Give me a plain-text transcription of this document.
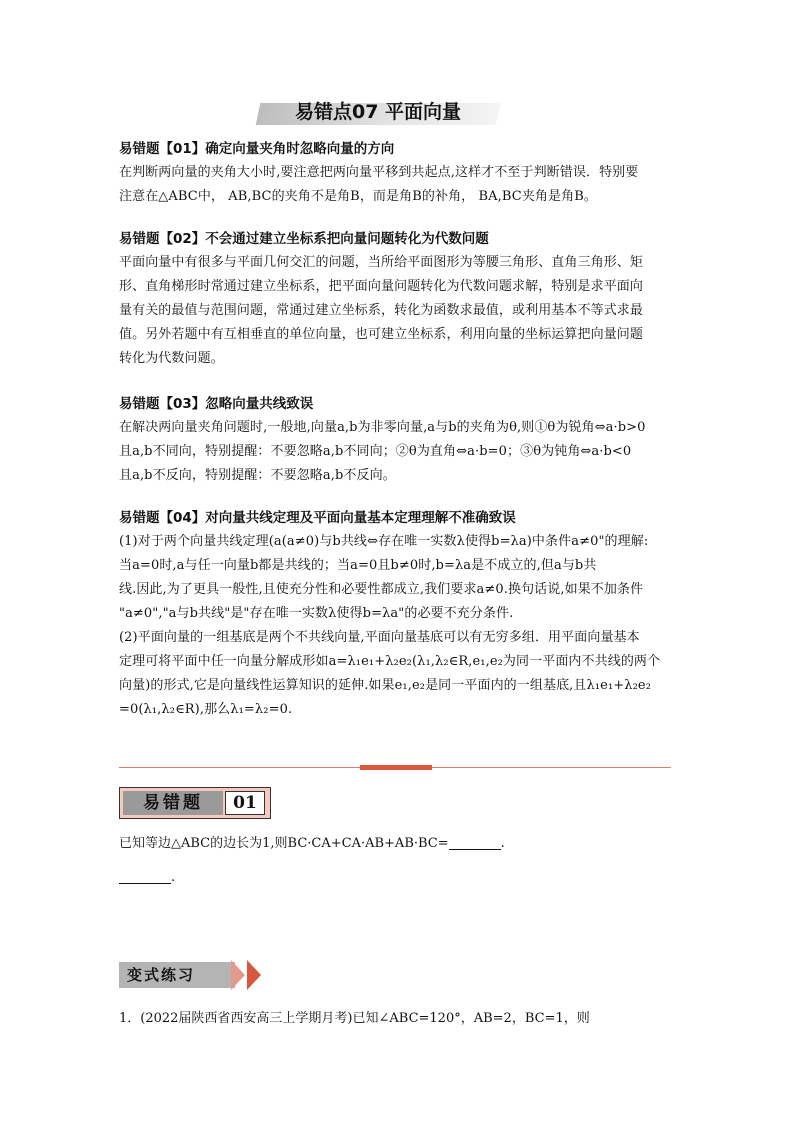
易错点07 平面向量
易错题【01】确定向量夹角时忽略向量的方向
在判断两向量的夹角大小时,要注意把两向量平移到共起点,这样才不至于判断错误．特别要
注意在△ABC中， AB,BC的夹角不是角B，而是角B的补角， BA,BC夹角是角B。
易错题【02】不会通过建立坐标系把向量问题转化为代数问题
平面向量中有很多与平面几何交汇的问题，当所给平面图形为等腰三角形、直角三角形、矩
形、直角梯形时常通过建立坐标系，把平面向量问题转化为代数问题求解，特别是求平面向
量有关的最值与范围问题，常通过建立坐标系，转化为函数求最值，或利用基本不等式求最
值。另外若题中有互相垂直的单位向量，也可建立坐标系，利用向量的坐标运算把向量问题
转化为代数问题。
易错题【03】忽略向量共线致误
在解决两向量夹角问题时,一般地,向量a,b为非零向量,a与b的夹角为θ,则①θ为锐角⇔a·b>0
且a,b不同向，特别提醒：不要忽略a,b不同向；②θ为直角⇔a·b=0；③θ为钝角⇔a·b<0
且a,b不反向，特别提醒：不要忽略a,b不反向。
易错题【04】对向量共线定理及平面向量基本定理理解不准确致误
(1)对于两个向量共线定理(a(a≠0)与b共线⇔存在唯一实数λ使得b=λa)中条件a≠0"的理解:
当a=0时,a与任一向量b都是共线的；当a=0且b≠0时,b=λa是不成立的,但a与b共
线.因此,为了更具一般性,且使充分性和必要性都成立,我们要求a≠0.换句话说,如果不加条件
"a≠0","a与b共线"是"存在唯一实数λ使得b=λa"的必要不充分条件.
(2)平面向量的一组基底是两个不共线向量,平面向量基底可以有无穷多组．用平面向量基本
定理可将平面中任一向量分解成形如a=λ₁e₁+λ₂e₂(λ₁,λ₂∈R,e₁,e₂为同一平面内不共线的两个
向量)的形式,它是向量线性运算知识的延伸.如果e₁,e₂是同一平面内的一组基底,且λ₁e₁+λ₂e₂
=0(λ₁,λ₂∈R),那么λ₁=λ₂=0.
易错题	01
已知等边△ABC的边长为1,则BC·CA+CA·AB+AB·BC=	.
.
变式练习
1．(2022届陕西省西安高三上学期月考)已知∠ABC=120°，AB=2，BC=1，则
